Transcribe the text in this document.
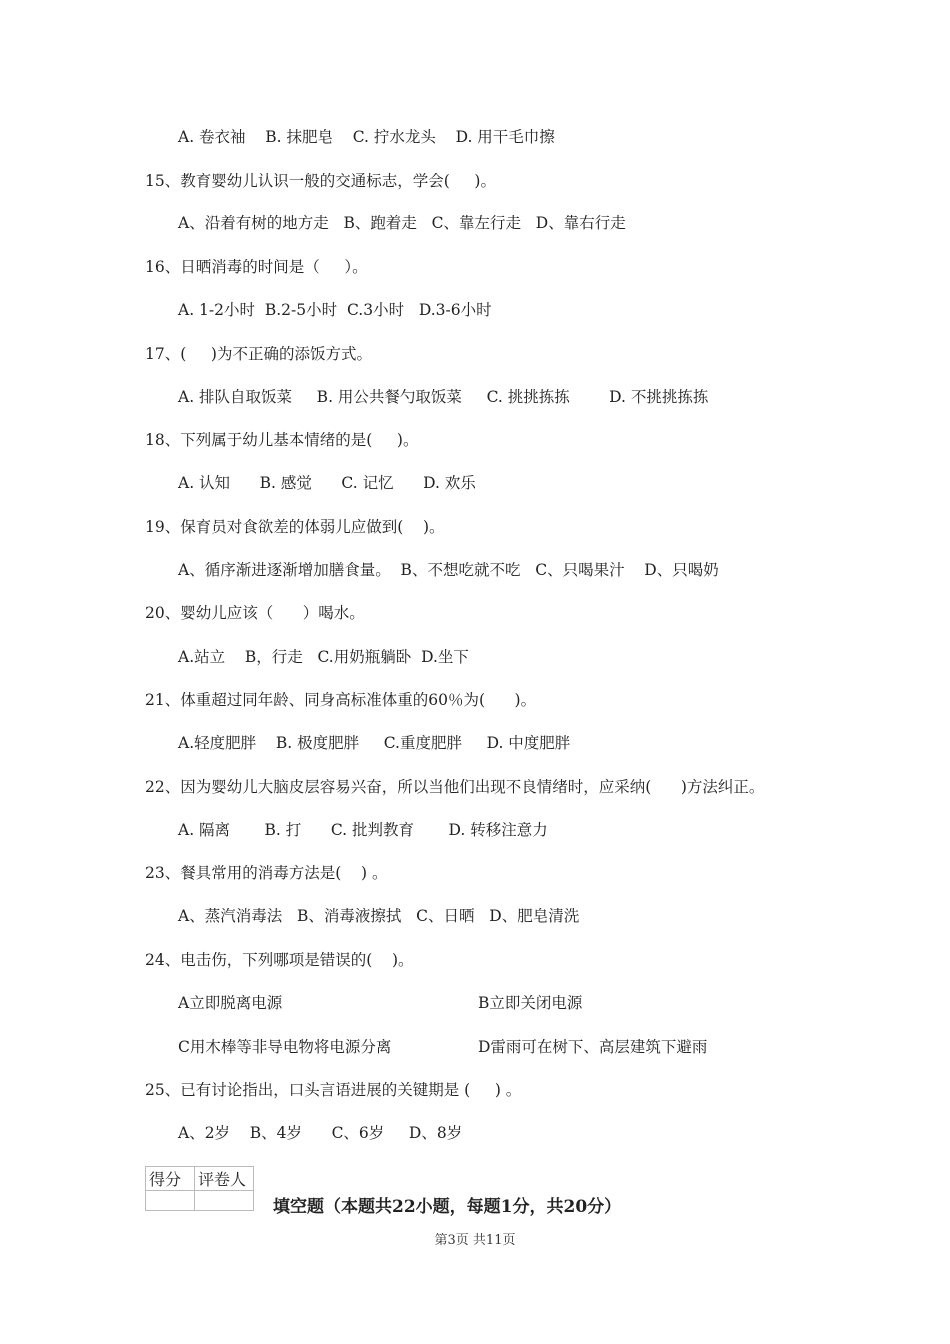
A. 卷衣袖    B. 抹肥皂    C. 拧水龙头    D. 用干毛巾擦
15、教育婴幼儿认识一般的交通标志，学会(     )。
A、沿着有树的地方走   B、跑着走   C、靠左行走   D、靠右行走
16、日晒消毒的时间是（     ）。
A. 1-2小时  B.2-5小时  C.3小时   D.3-6小时
17、(     )为不正确的添饭方式。
A. 排队自取饭菜     B. 用公共餐勺取饭菜     C. 挑挑拣拣        D. 不挑挑拣拣
18、下列属于幼儿基本情绪的是(     )。
A. 认知      B. 感觉      C. 记忆      D. 欢乐
19、保育员对食欲差的体弱儿应做到(    )。
A、循序渐进逐渐增加膳食量。  B、不想吃就不吃   C、只喝果汁    D、只喝奶
20、婴幼儿应该（      ）喝水。
A.站立    B，行走   C.用奶瓶躺卧  D.坐下
21、体重超过同年龄、同身高标准体重的60％为(      )。
A.轻度肥胖    B. 极度肥胖     C.重度肥胖     D. 中度肥胖
22、因为婴幼儿大脑皮层容易兴奋，所以当他们出现不良情绪时，应采纳(      )方法纠正。
A. 隔离       B. 打      C. 批判教育       D. 转移注意力
23、餐具常用的消毒方法是(    ) 。
A、蒸汽消毒法   B、消毒液擦拭   C、日晒   D、肥皂清洗
24、电击伤，下列哪项是错误的(    )。
A立即脱离电源	B立即关闭电源
C用木棒等非导电物将电源分离	D雷雨可在树下、高层建筑下避雨
25、已有讨论指出，口头言语进展的关键期是 (     ) 。
A、2岁    B、4岁      C、6岁     D、8岁
得分	评卷人

填空题（本题共22小题，每题1分，共20分）
第3页 共11页
